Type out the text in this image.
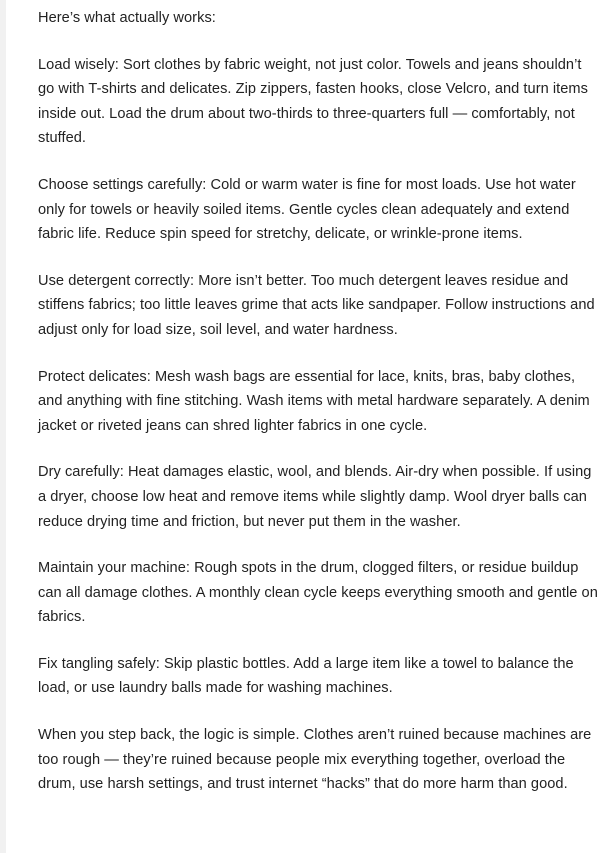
Here’s what actually works:

Load wisely: Sort clothes by fabric weight, not just color. Towels and jeans shouldn’t go with T-shirts and delicates. Zip zippers, fasten hooks, close Velcro, and turn items inside out. Load the drum about two-thirds to three-quarters full — comfortably, not stuffed.

Choose settings carefully: Cold or warm water is fine for most loads. Use hot water only for towels or heavily soiled items. Gentle cycles clean adequately and extend fabric life. Reduce spin speed for stretchy, delicate, or wrinkle-prone items.

Use detergent correctly: More isn’t better. Too much detergent leaves residue and stiffens fabrics; too little leaves grime that acts like sandpaper. Follow instructions and adjust only for load size, soil level, and water hardness.

Protect delicates: Mesh wash bags are essential for lace, knits, bras, baby clothes, and anything with fine stitching. Wash items with metal hardware separately. A denim jacket or riveted jeans can shred lighter fabrics in one cycle.

Dry carefully: Heat damages elastic, wool, and blends. Air-dry when possible. If using a dryer, choose low heat and remove items while slightly damp. Wool dryer balls can reduce drying time and friction, but never put them in the washer.

Maintain your machine: Rough spots in the drum, clogged filters, or residue buildup can all damage clothes. A monthly clean cycle keeps everything smooth and gentle on fabrics.

Fix tangling safely: Skip plastic bottles. Add a large item like a towel to balance the load, or use laundry balls made for washing machines.

When you step back, the logic is simple. Clothes aren’t ruined because machines are too rough — they’re ruined because people mix everything together, overload the drum, use harsh settings, and trust internet “hacks” that do more harm than good.
